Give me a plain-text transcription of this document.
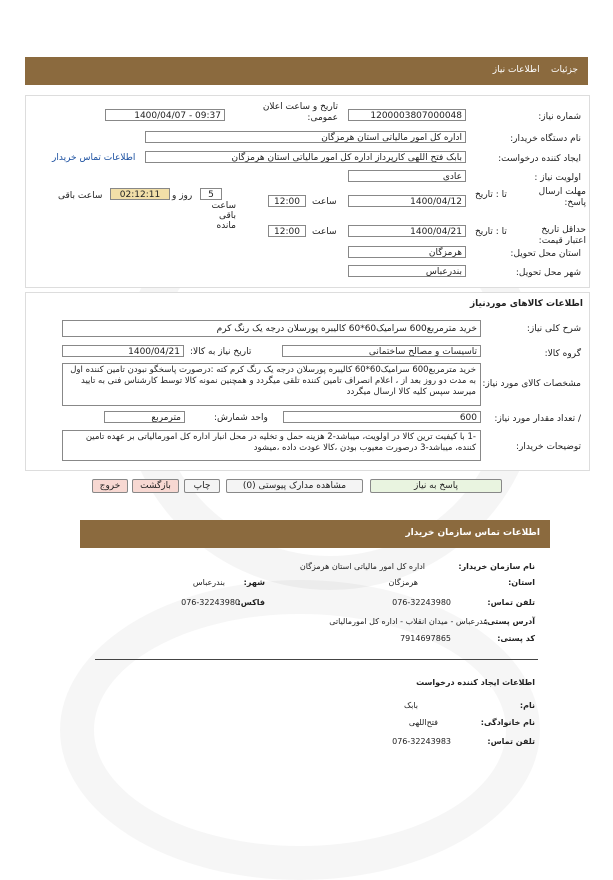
جزئیات    اطلاعات نیاز
شماره نیاز:
1200003807000048
تاریخ و ساعت اعلان عمومی:
1400/04/07 - 09:37
نام دستگاه خریدار:
اداره کل امور مالیاتی استان هرمزگان
ایجاد کننده درخواست:
بابک فتح اللهی کارپرداز اداره کل امور مالیاتی استان هرمزگان
اطلاعات تماس خریدار
اولویت نیاز :
عادی
مهلت ارسال پاسخ:
تا : تاریخ
1400/04/12
ساعت
12:00
5
روز و
ساعت باقی مانده
02:12:11
ساعت باقی
حداقل تاریخ اعتبار قیمت:
تا : تاریخ
1400/04/21
ساعت
12:00
استان محل تحویل:
هرمزگان
شهر محل تحویل:
بندرعباس
اطلاعات کالاهای موردنیاز
شرح کلی نیاز:
خرید مترمربع600 سرامیک60*60 کالیبره پورسلان درجه یک رنگ کرم
گروه کالا:
تاسیسات و مصالح ساختمانی
تاریخ نیاز به کالا:
1400/04/21
مشخصات کالای مورد نیاز:
خرید مترمربع600 سرامیک60*60 کالیبره پورسلان درجه یک رنگ کرم کته :درصورت پاسخگو نبودن تامین کننده اول به مدت دو روز بعد از ، اعلام انصراف تامین کننده تلقی میگردد و همچنین نمونه کالا توسط کارشناس فنی به تایید میرسد سپس کلیه کالا ارسال میگردد
/ تعداد مقدار مورد نیاز:
600
واحد شمارش:
مترمربع
توضیحات خریدار:
-1 با کیفیت ترین کالا در اولویت، میباشد-2 هزینه حمل و تخلیه در محل انبار اداره کل امورمالیاتی بر عهده تامین کننده، میباشد-3 درصورت معیوب بودن ،کالا عودت داده ،میشود
پاسخ به نیاز
مشاهده مدارک پیوستی (0)
چاپ
بازگشت
خروج
اطلاعات تماس سازمان خریدار
نام سازمان خریدار:
اداره کل امور مالیاتی استان هرمزگان
استان:
هرمزگان
شهر:
بندرعباس
تلفن تماس:
076-32243980
فاکس:
076-32243980
آدرس پستی:
بندرعباس - میدان انقلاب - اداره کل امورمالیاتی
کد پستی:
7914697865
اطلاعات ایجاد کننده درخواست
نام:
بابک
نام خانوادگی:
فتح‌اللهی
تلفن تماس:
076-32243983
